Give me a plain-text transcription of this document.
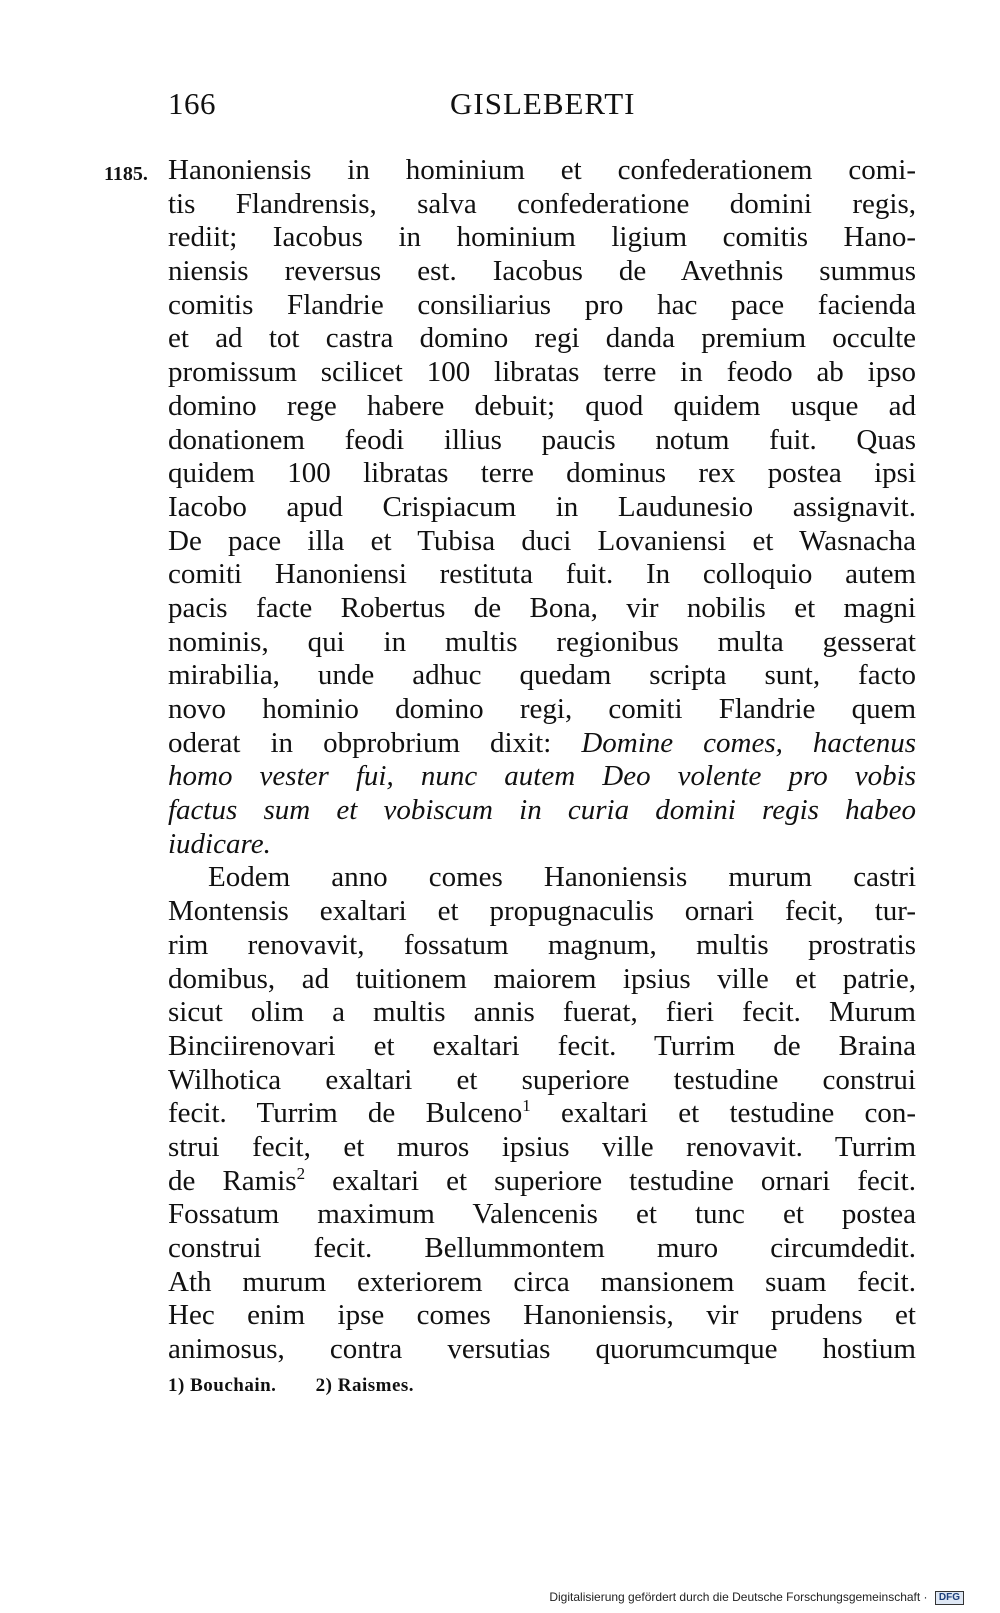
166	GISLEBERTI
1185. Hanoniensis in hominium et confederationem comi-
tis Flandrensis, salva confederatione domini regis,
rediit; Iacobus in hominium ligium comitis Hano-
niensis reversus est. Iacobus de Avethnis summus
comitis Flandrie consiliarius pro hac pace facienda
et ad tot castra domino regi danda premium occulte
promissum scilicet 100 libratas terre in feodo ab ipso
domino rege habere debuit; quod quidem usque ad
donationem feodi illius paucis notum fuit. Quas
quidem 100 libratas terre dominus rex postea ipsi
Iacobo apud Crispiacum in Laudunesio assignavit.
De pace illa et Tubisa duci Lovaniensi et Wasnacha
comiti Hanoniensi restituta fuit. In colloquio autem
pacis facte Robertus de Bona, vir nobilis et magni
nominis, qui in multis regionibus multa gesserat
mirabilia, unde adhuc quedam scripta sunt, facto
novo hominio domino regi, comiti Flandrie quem
oderat in obprobrium dixit: Domine comes, hactenus
homo vester fui, nunc autem Deo volente pro vobis
factus sum et vobiscum in curia domini regis habeo
iudicare.
Eodem anno comes Hanoniensis murum castri
Montensis exaltari et propugnaculis ornari fecit, tur-
rim renovavit, fossatum magnum, multis prostratis
domibus, ad tuitionem maiorem ipsius ville et patrie,
sicut olim a multis annis fuerat, fieri fecit. Murum
Binciirenovari et exaltari fecit. Turrim de Braina
Wilhotica exaltari et superiore testudine construi
fecit. Turrim de Bulceno$^1$ exaltari et testudine con-
strui fecit, et muros ipsius ville renovavit. Turrim
de Ramis$^2$ exaltari et superiore testudine ornari fecit.
Fossatum maximum Valencenis et tunc et postea
construi fecit. Bellummontem muro circumdedit.
Ath murum exteriorem circa mansionem suam fecit.
Hec enim ipse comes Hanoniensis, vir prudens et
animosus, contra versutias quorumcumque hostium
1) Bouchain. 2) Raismes.
Digitalisierung gefördert durch die Deutsche Forschungsgemeinschaft · DFG
